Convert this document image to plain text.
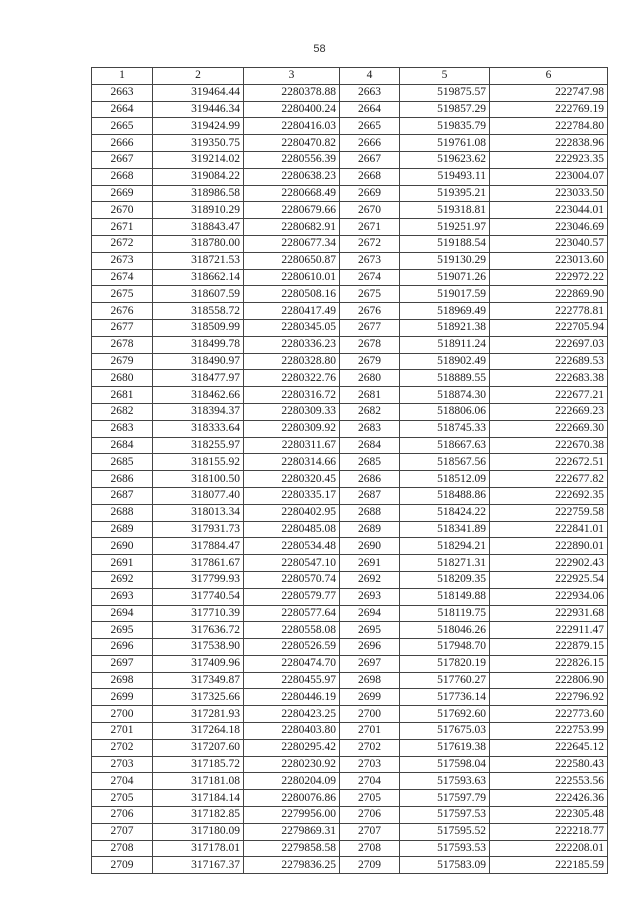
58
1	2	3	4	5	6
2663	319464.44	2280378.88	2663	519875.57	222747.98
2664	319446.34	2280400.24	2664	519857.29	222769.19
2665	319424.99	2280416.03	2665	519835.79	222784.80
2666	319350.75	2280470.82	2666	519761.08	222838.96
2667	319214.02	2280556.39	2667	519623.62	222923.35
2668	319084.22	2280638.23	2668	519493.11	223004.07
2669	318986.58	2280668.49	2669	519395.21	223033.50
2670	318910.29	2280679.66	2670	519318.81	223044.01
2671	318843.47	2280682.91	2671	519251.97	223046.69
2672	318780.00	2280677.34	2672	519188.54	223040.57
2673	318721.53	2280650.87	2673	519130.29	223013.60
2674	318662.14	2280610.01	2674	519071.26	222972.22
2675	318607.59	2280508.16	2675	519017.59	222869.90
2676	318558.72	2280417.49	2676	518969.49	222778.81
2677	318509.99	2280345.05	2677	518921.38	222705.94
2678	318499.78	2280336.23	2678	518911.24	222697.03
2679	318490.97	2280328.80	2679	518902.49	222689.53
2680	318477.97	2280322.76	2680	518889.55	222683.38
2681	318462.66	2280316.72	2681	518874.30	222677.21
2682	318394.37	2280309.33	2682	518806.06	222669.23
2683	318333.64	2280309.92	2683	518745.33	222669.30
2684	318255.97	2280311.67	2684	518667.63	222670.38
2685	318155.92	2280314.66	2685	518567.56	222672.51
2686	318100.50	2280320.45	2686	518512.09	222677.82
2687	318077.40	2280335.17	2687	518488.86	222692.35
2688	318013.34	2280402.95	2688	518424.22	222759.58
2689	317931.73	2280485.08	2689	518341.89	222841.01
2690	317884.47	2280534.48	2690	518294.21	222890.01
2691	317861.67	2280547.10	2691	518271.31	222902.43
2692	317799.93	2280570.74	2692	518209.35	222925.54
2693	317740.54	2280579.77	2693	518149.88	222934.06
2694	317710.39	2280577.64	2694	518119.75	222931.68
2695	317636.72	2280558.08	2695	518046.26	222911.47
2696	317538.90	2280526.59	2696	517948.70	222879.15
2697	317409.96	2280474.70	2697	517820.19	222826.15
2698	317349.87	2280455.97	2698	517760.27	222806.90
2699	317325.66	2280446.19	2699	517736.14	222796.92
2700	317281.93	2280423.25	2700	517692.60	222773.60
2701	317264.18	2280403.80	2701	517675.03	222753.99
2702	317207.60	2280295.42	2702	517619.38	222645.12
2703	317185.72	2280230.92	2703	517598.04	222580.43
2704	317181.08	2280204.09	2704	517593.63	222553.56
2705	317184.14	2280076.86	2705	517597.79	222426.36
2706	317182.85	2279956.00	2706	517597.53	222305.48
2707	317180.09	2279869.31	2707	517595.52	222218.77
2708	317178.01	2279858.58	2708	517593.53	222208.01
2709	317167.37	2279836.25	2709	517583.09	222185.59
